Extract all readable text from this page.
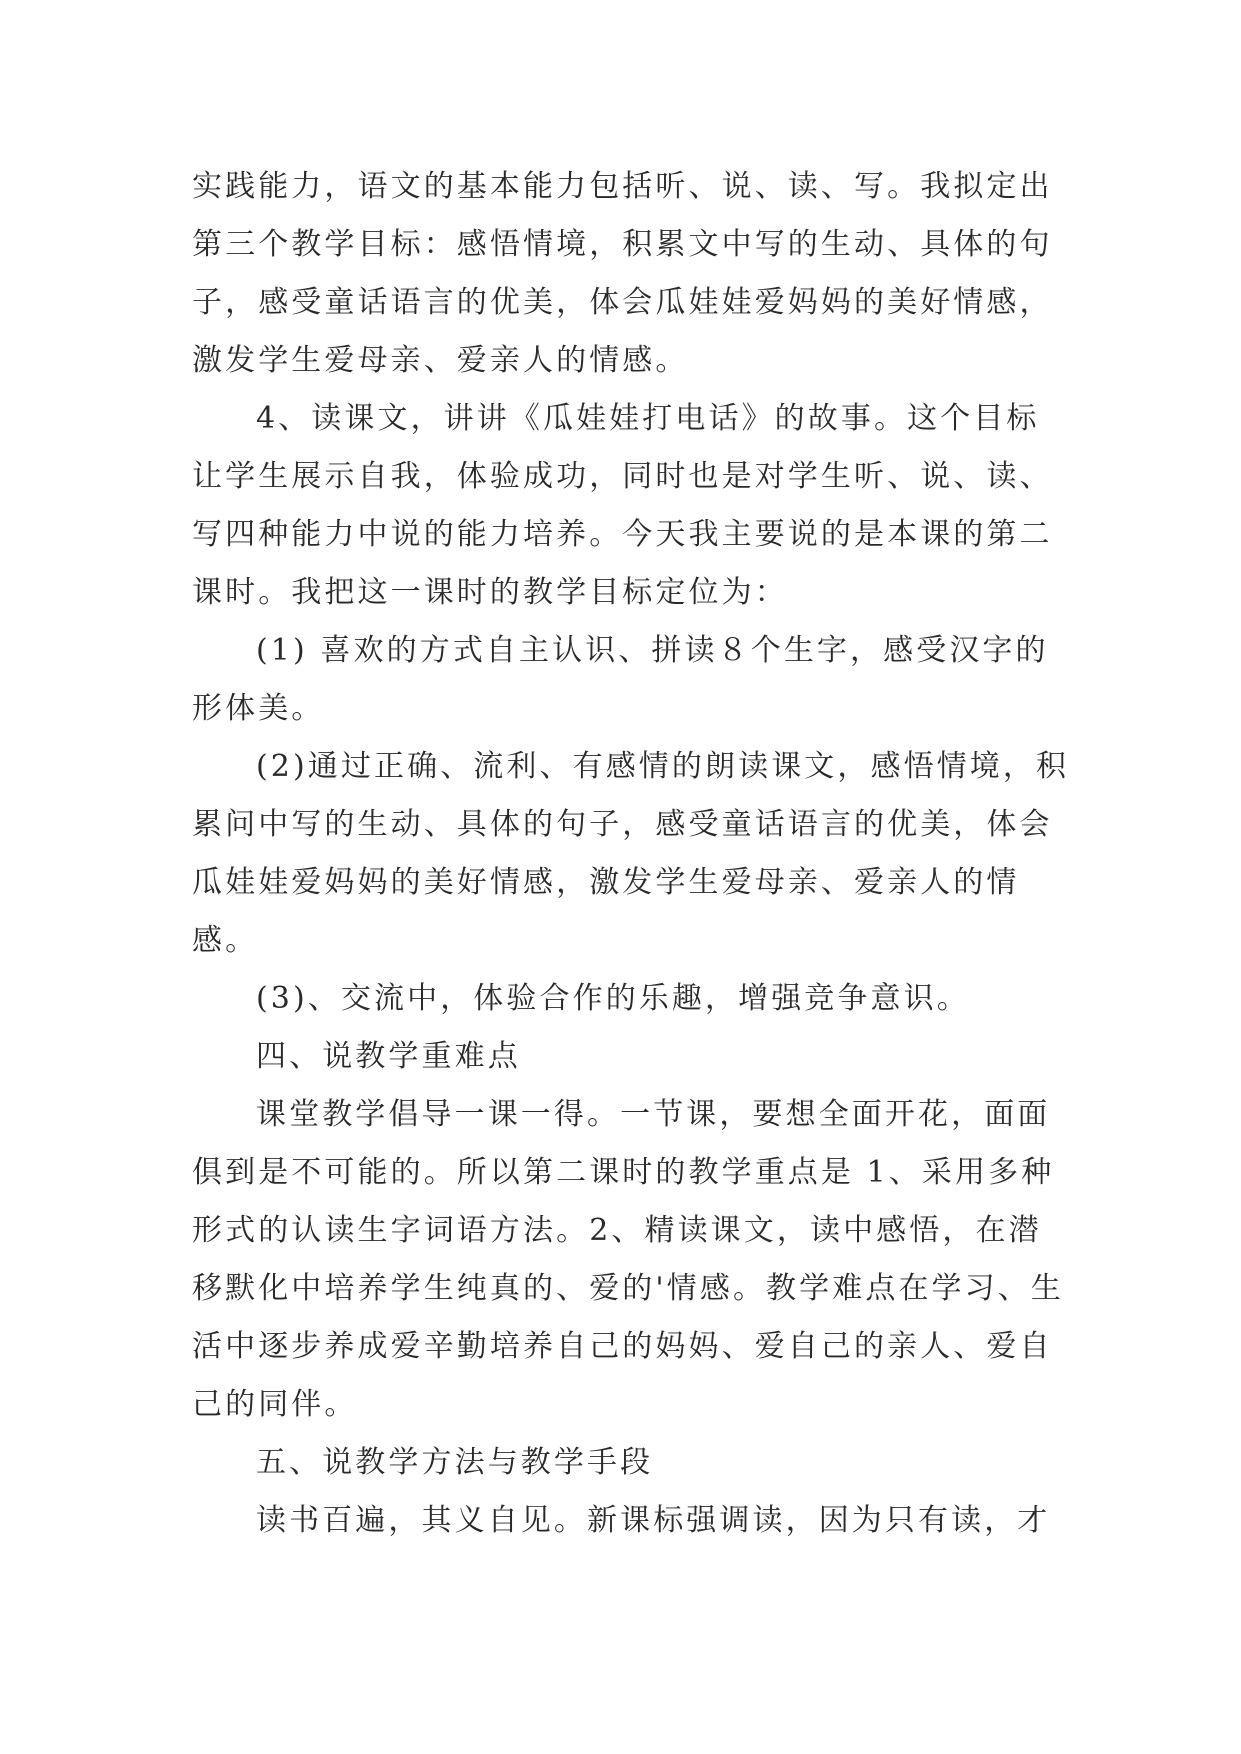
实践能力，语文的基本能力包括听、说、读、写。我拟定出第三个教学目标：感悟情境，积累文中写的生动、具体的句子，感受童话语言的优美，体会瓜娃娃爱妈妈的美好情感，激发学生爱母亲、爱亲人的情感。

4、读课文，讲讲《瓜娃娃打电话》的故事。这个目标让学生展示自我，体验成功，同时也是对学生听、说、读、写四种能力中说的能力培养。今天我主要说的是本课的第二课时。我把这一课时的教学目标定位为：

(1) 喜欢的方式自主认识、拼读８个生字，感受汉字的形体美。

(2)通过正确、流利、有感情的朗读课文，感悟情境，积累问中写的生动、具体的句子，感受童话语言的优美，体会瓜娃娃爱妈妈的美好情感，激发学生爱母亲、爱亲人的情感。

(3)、交流中，体验合作的乐趣，增强竞争意识。

四、说教学重难点

课堂教学倡导一课一得。一节课，要想全面开花，面面俱到是不可能的。所以第二课时的教学重点是 1、采用多种形式的认读生字词语方法。2、精读课文，读中感悟，在潜移默化中培养学生纯真的、爱的'情感。教学难点在学习、生活中逐步养成爱辛勤培养自己的妈妈、爱自己的亲人、爱自己的同伴。

五、说教学方法与教学手段

读书百遍，其义自见。新课标强调读，因为只有读，才
